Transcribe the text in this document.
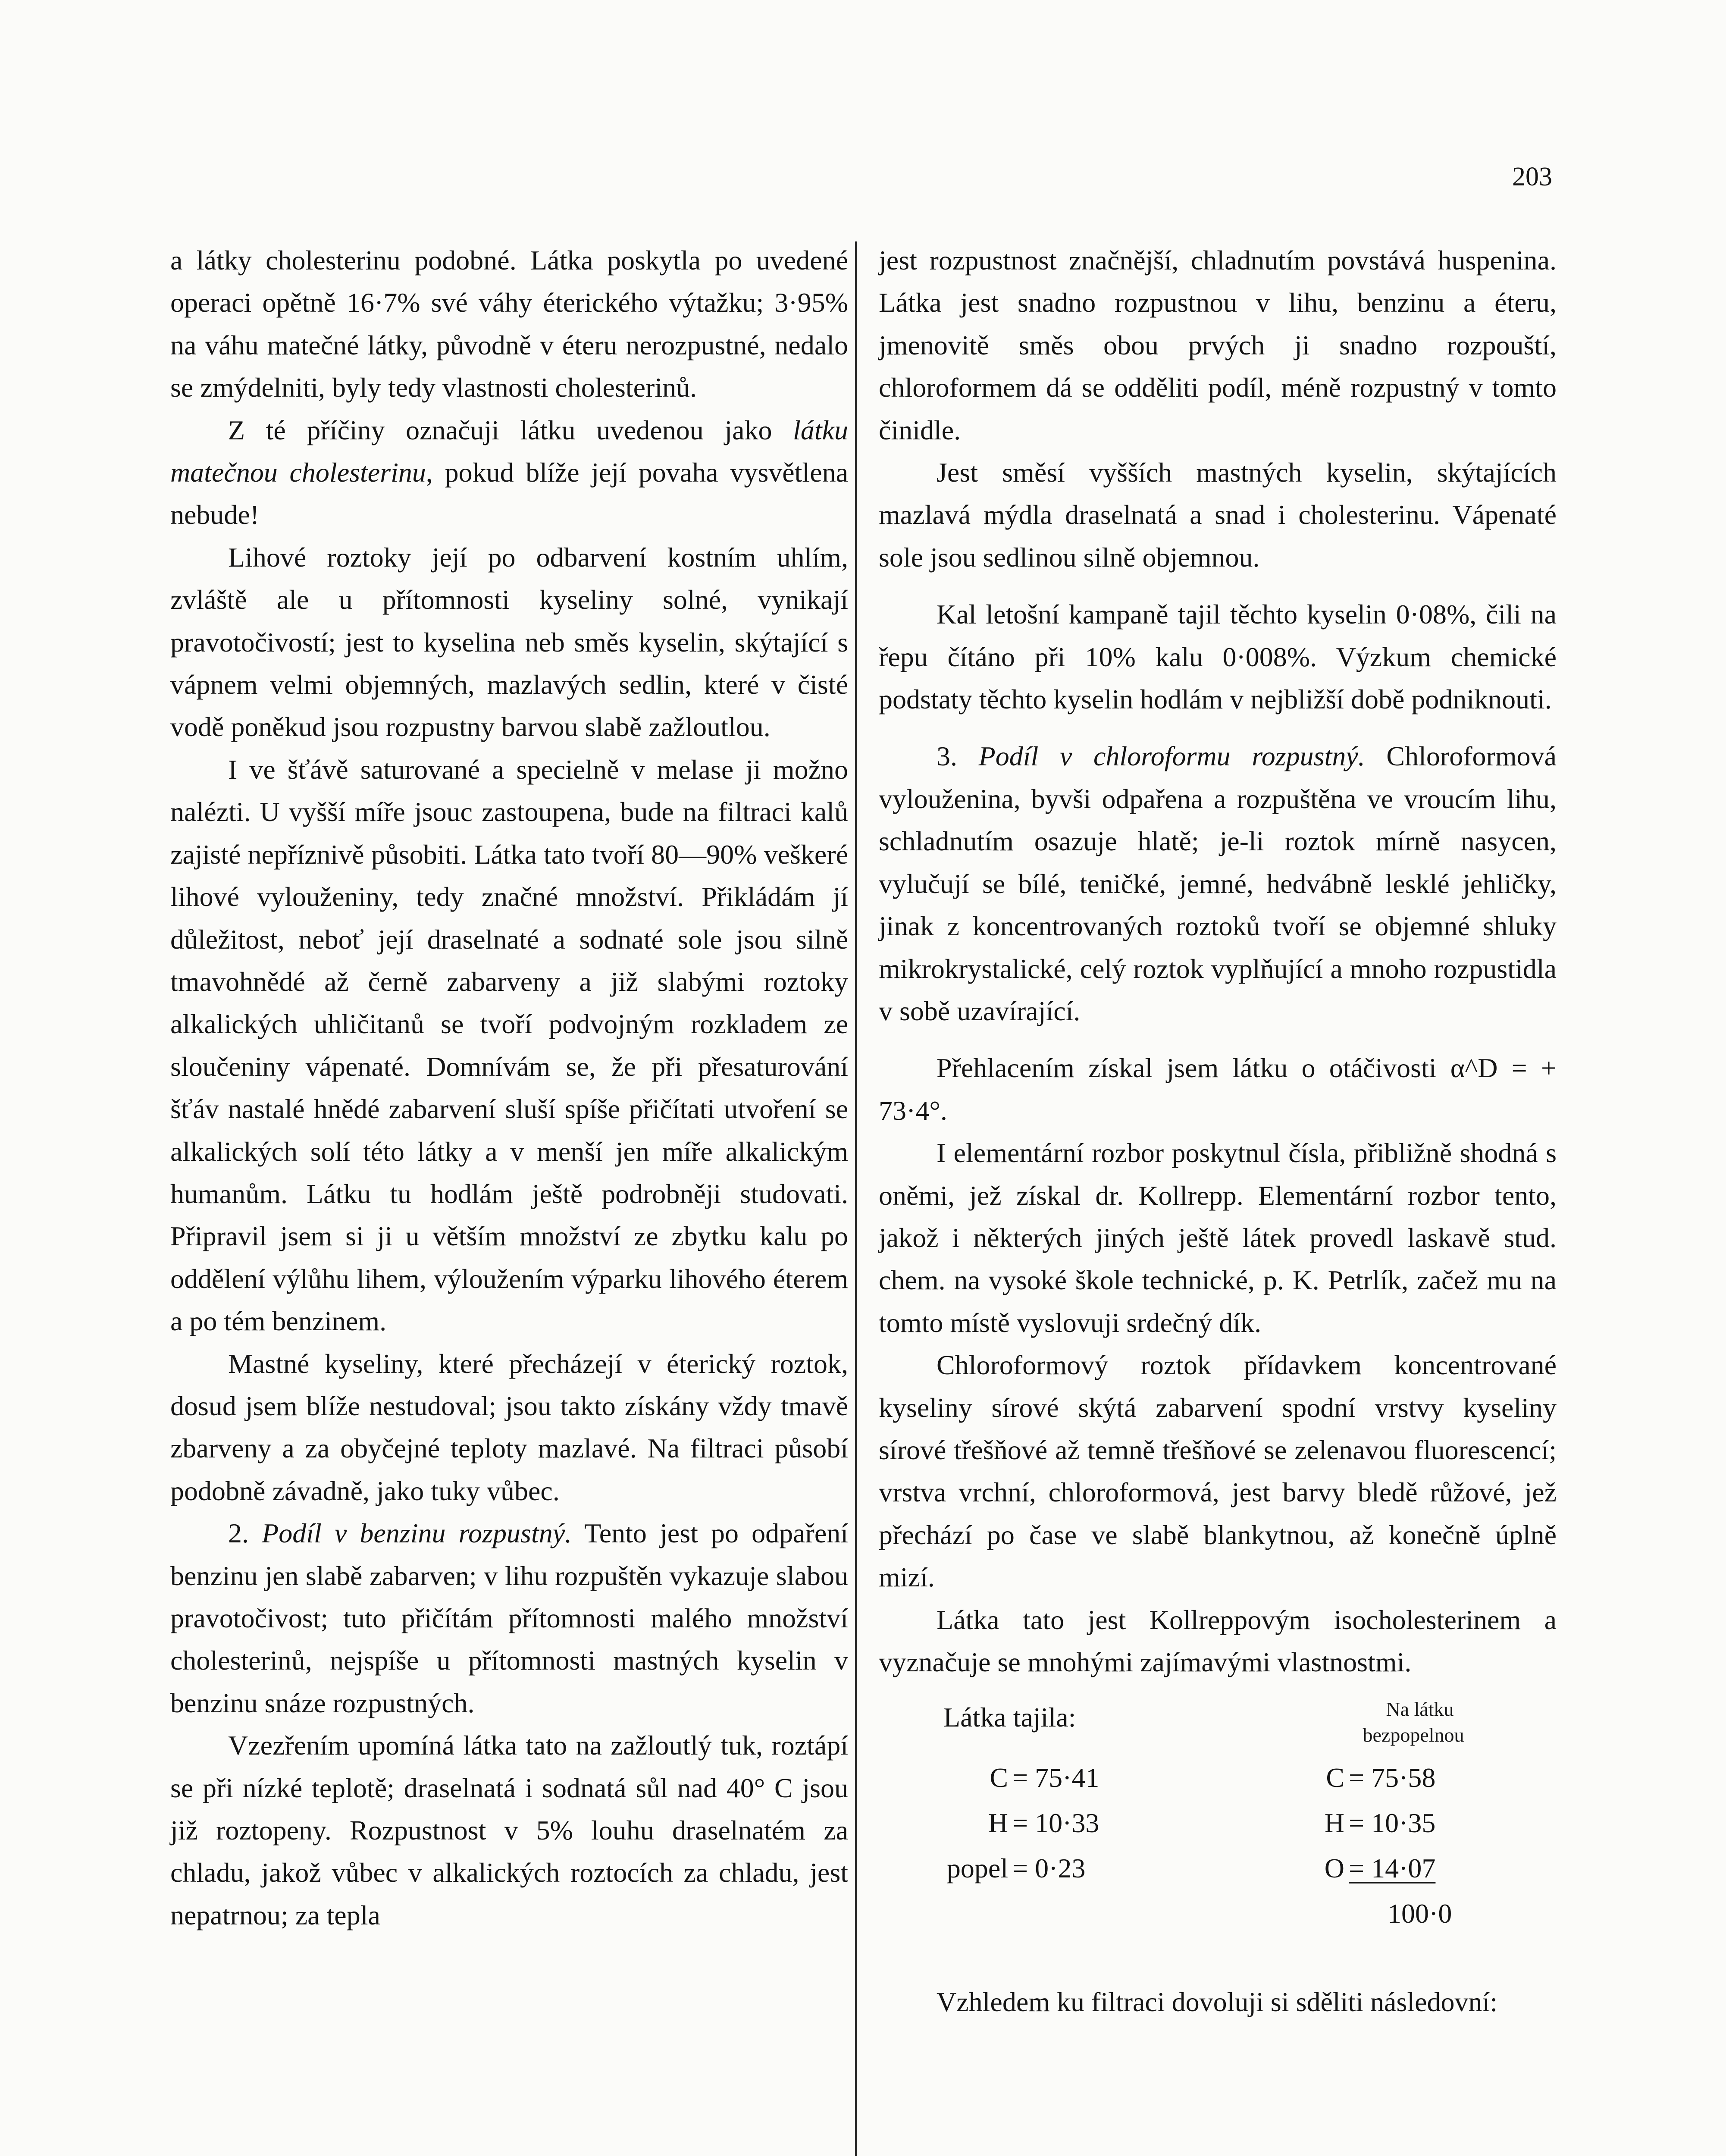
203

a látky cholesterinu podobné. Látka poskytla po uvedené operaci opětně 16·7% své váhy éterického výtažku; 3·95% na váhu matečné látky, původně v éteru nerozpustné, nedalo se zmýdelniti, byly tedy vlastnosti cholesterinů.

Z té příčiny označuji látku uvedenou jako látku matečnou cholesterinu, pokud blíže její povaha vysvětlena nebude!

Lihové roztoky její po odbarvení kostním uhlím, zvláště ale u přítomnosti kyseliny solné, vynikají pravotočivostí; jest to kyselina neb směs kyselin, skýtající s vápnem velmi objemných, mazlavých sedlin, které v čisté vodě poněkud jsou rozpustny barvou slabě zažloutlou.

I ve šťávě saturované a specielně v melase ji možno nalézti. U vyšší míře jsouc zastoupena, bude na filtraci kalů zajisté nepříznivě působiti. Látka tato tvoří 80—90% veškeré lihové vylouženiny, tedy značné množství. Přikládám jí důležitost, neboť její draselnaté a sodnaté sole jsou silně tmavohnědé až černě zabarveny a již slabými roztoky alkalických uhličitanů se tvoří podvojným rozkladem ze sloučeniny vápenaté. Domnívám se, že při přesaturování šťáv nastalé hnědé zabarvení sluší spíše přičítati utvoření se alkalických solí této látky a v menší jen míře alkalickým humanům. Látku tu hodlám ještě podrobněji studovati. Připravil jsem si ji u větším množství ze zbytku kalu po oddělení výlůhu lihem, výloužením výparku lihového éterem a po tém benzinem.

Mastné kyseliny, které přecházejí v éterický roztok, dosud jsem blíže nestudoval; jsou takto získány vždy tmavě zbarveny a za obyčejné teploty mazlavé. Na filtraci působí podobně závadně, jako tuky vůbec.

2. Podíl v benzinu rozpustný. Tento jest po odpaření benzinu jen slabě zabarven; v lihu rozpuštěn vykazuje slabou pravotočivost; tuto přičítám přítomnosti malého množství cholesterinů, nejspíše u přítomnosti mastných kyselin v benzinu snáze rozpustných.

Vzezřením upomíná látka tato na zažloutlý tuk, roztápí se při nízké teplotě; draselnatá i sodnatá sůl nad 40° C jsou již roztopeny. Rozpustnost v 5% louhu draselnatém za chladu, jakož vůbec v alkalických roztocích za chladu, jest nepatrnou; za tepla

jest rozpustnost značnější, chladnutím povstává huspenina. Látka jest snadno rozpustnou v lihu, benzinu a éteru, jmenovitě směs obou prvých ji snadno rozpouští, chloroformem dá se odděliti podíl, méně rozpustný v tomto činidle.

Jest směsí vyšších mastných kyselin, skýtajících mazlavá mýdla draselnatá a snad i cholesterinu. Vápenaté sole jsou sedlinou silně objemnou.

Kal letošní kampaně tajil těchto kyselin 0·08%, čili na řepu čítáno při 10% kalu 0·008%. Výzkum chemické podstaty těchto kyselin hodlám v nejbližší době podniknouti.

3. Podíl v chloroformu rozpustný. Chloroformová vylouženina, byvši odpařena a rozpuštěna ve vroucím lihu, schladnutím osazuje hlatě; je-li roztok mírně nasycen, vylučují se bílé, teničké, jemné, hedvábně lesklé jehličky, jinak z koncentrovaných roztoků tvoří se objemné shluky mikrokrystalické, celý roztok vyplňující a mnoho rozpustidla v sobě uzavírající.

Přehlacením získal jsem látku o otáčivosti α^D = + 73·4°.

I elementární rozbor poskytnul čísla, přibližně shodná s oněmi, jež získal dr. Kollrepp. Elementární rozbor tento, jakož i některých jiných ještě látek provedl laskavě stud. chem. na vysoké škole technické, p. K. Petrlík, začež mu na tomto místě vyslovuji srdečný dík.

Chloroformový roztok přídavkem koncentrované kyseliny sírové skýtá zabarvení spodní vrstvy kyseliny sírové třešňové až temně třešňové se zelenavou fluorescencí; vrstva vrchní, chloroformová, jest barvy bledě růžové, jež přechází po čase ve slabě blankytnou, až konečně úplně mizí.

Látka tato jest Kollreppovým isocholesterinem a vyznačuje se mnohými zajímavými vlastnostmi.

Látka tajila:	Na látku
bezpopelnou
C = 75·41
H = 10·33
popel = 0·23
C = 75·58
H = 10·35
O = 14·07
100·0

Vzhledem ku filtraci dovoluji si sděliti následovní:
